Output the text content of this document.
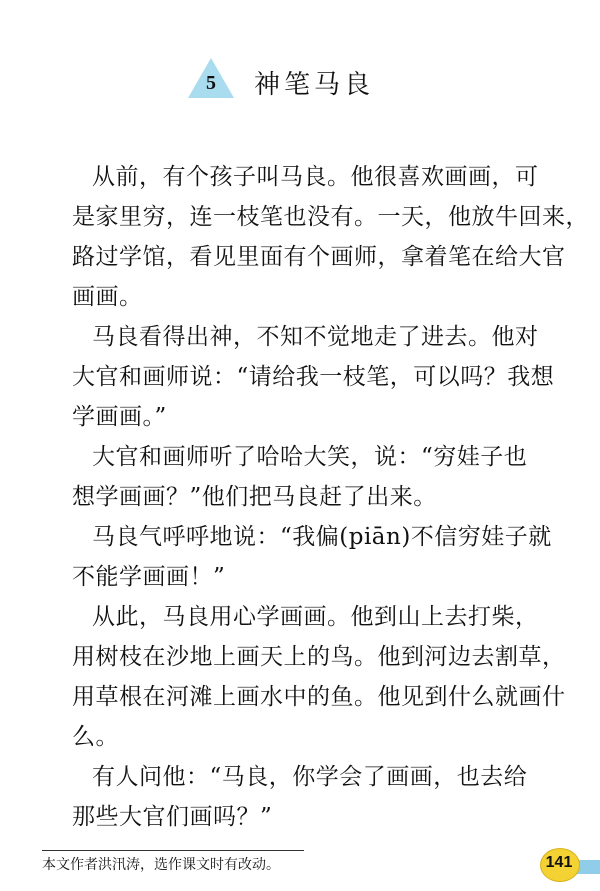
5	神笔马良
从前，有个孩子叫马良。他很喜欢画画，可
是家里穷，连一枝笔也没有。一天，他放牛回来，
路过学馆，看见里面有个画师，拿着笔在给大官
画画。
马良看得出神，不知不觉地走了进去。他对
大官和画师说：“请给我一枝笔，可以吗？我想
学画画。”
大官和画师听了哈哈大笑，说：“穷娃子也
想学画画？”他们把马良赶了出来。
马良气呼呼地说：“我偏(piān)不信穷娃子就
不能学画画！”
从此，马良用心学画画。他到山上去打柴，
用树枝在沙地上画天上的鸟。他到河边去割草，
用草根在河滩上画水中的鱼。他见到什么就画什
么。
有人问他：“马良，你学会了画画，也去给
那些大官们画吗？”
本文作者洪汛涛，选作课文时有改动。	141
